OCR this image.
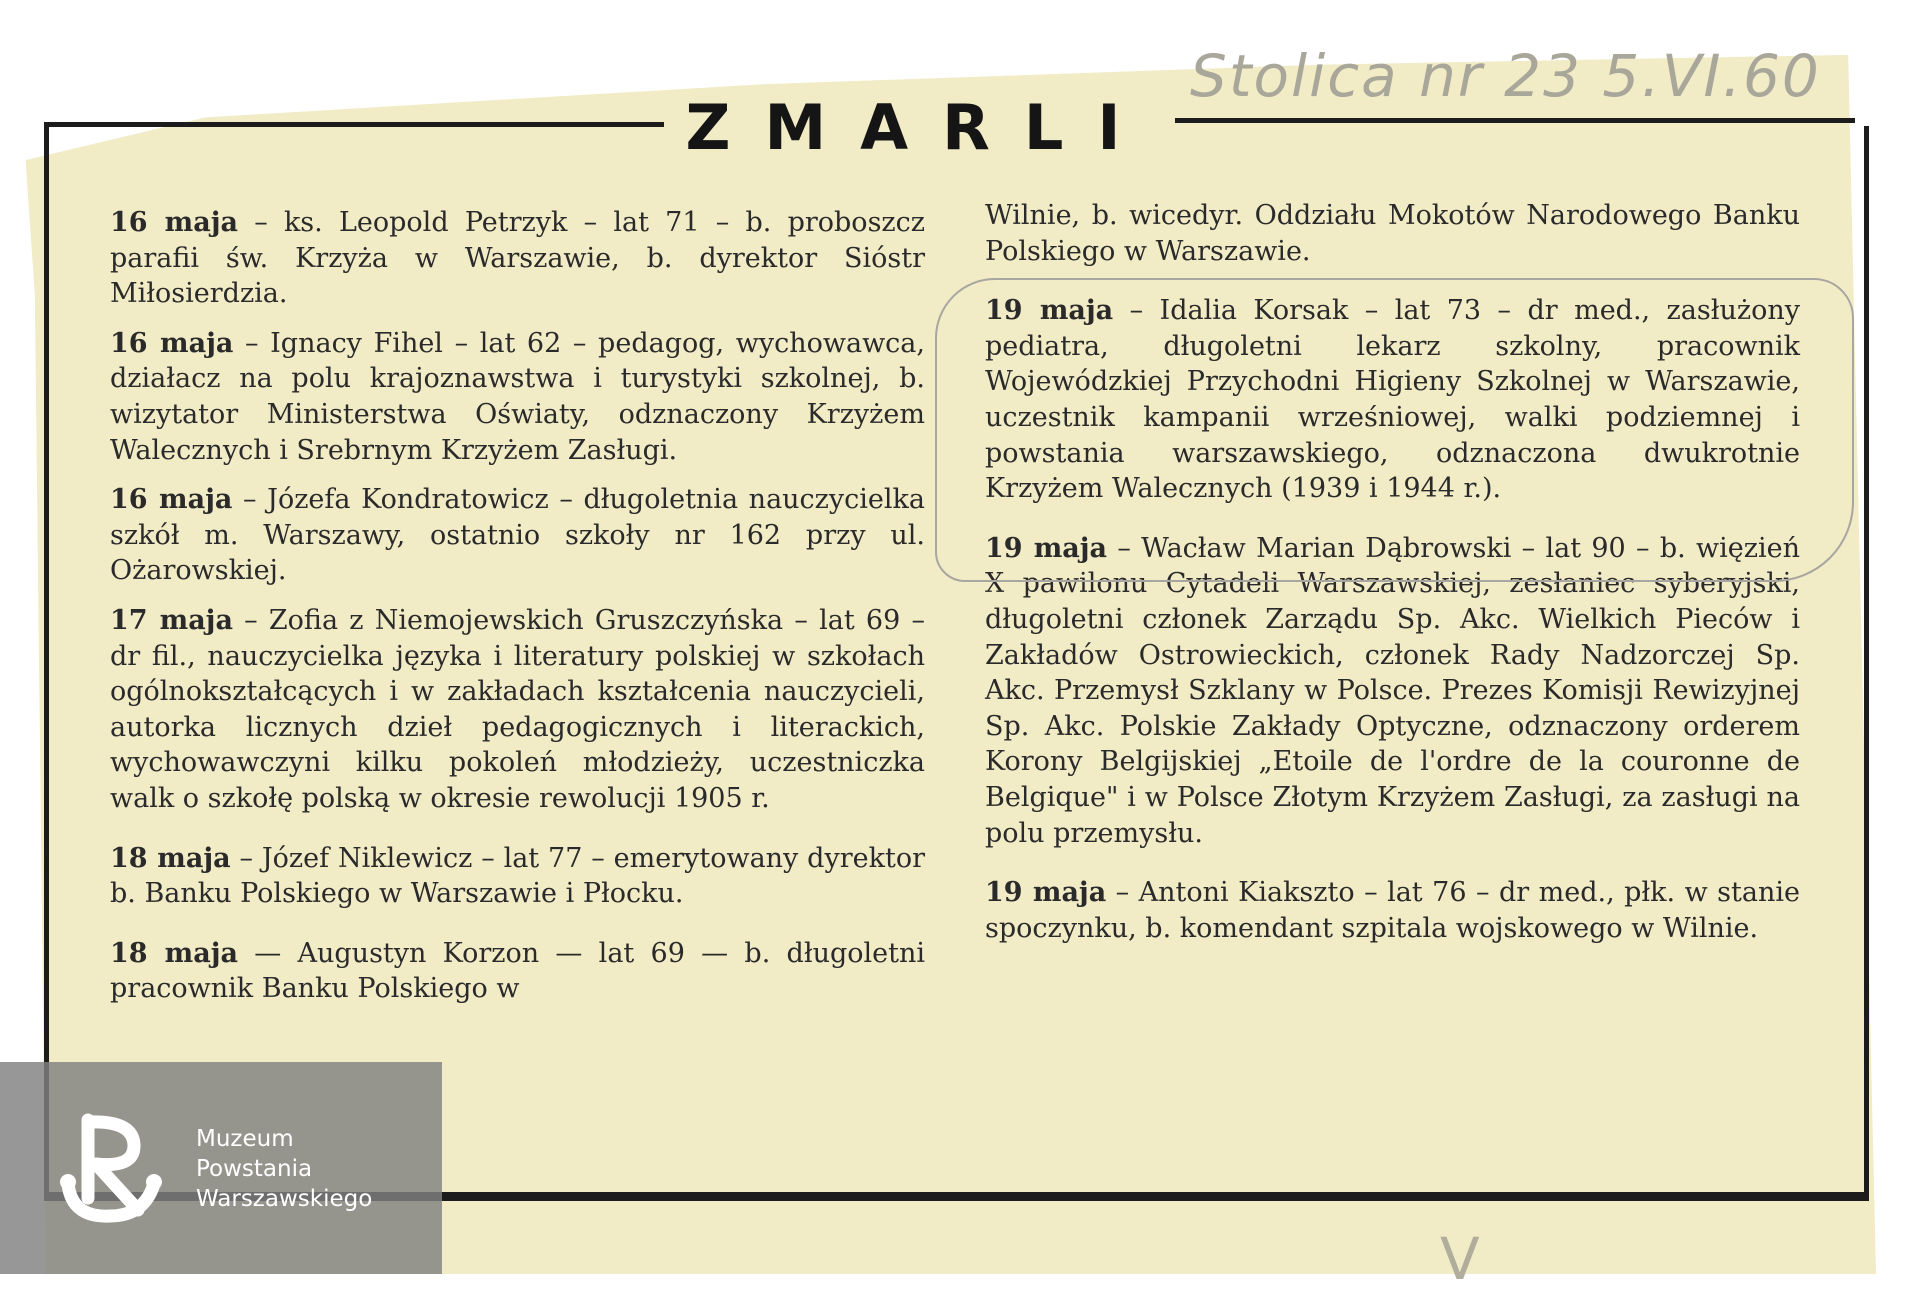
Stolica nr 23 5.VI.60
V
ZMARLI

16 maja – ks. Leopold Petrzyk – lat 71 – b. proboszcz parafii św. Krzyża w Warszawie, b. dyrektor Sióstr Miłosierdzia.

16 maja – Ignacy Fihel – lat 62 – pedagog, wychowawca, działacz na polu krajoznawstwa i turystyki szkolnej, b. wizytator Ministerstwa Oświaty, odznaczony Krzyżem Walecznych i Srebrnym Krzyżem Zasługi.

16 maja – Józefa Kondratowicz – długoletnia nauczycielka szkół m. Warszawy, ostatnio szkoły nr 162 przy ul. Ożarowskiej.

17 maja – Zofia z Niemojewskich Gruszczyńska – lat 69 – dr fil., nauczycielka języka i literatury polskiej w szkołach ogólnokształcących i w zakładach kształcenia nauczycieli, autorka licznych dzieł pedagogicznych i literackich, wychowawczyni kilku pokoleń młodzieży, uczestniczka walk o szkołę polską w okresie rewolucji 1905 r.

18 maja – Józef Niklewicz – lat 77 – emerytowany dyrektor b. Banku Polskiego w Warszawie i Płocku.

18 maja — Augustyn Korzon — lat 69 — b. długoletni pracownik Banku Polskiego w

Wilnie, b. wicedyr. Oddziału Mokotów Narodowego Banku Polskiego w Warszawie.

19 maja – Idalia Korsak – lat 73 – dr med., zasłużony pediatra, długoletni lekarz szkolny, pracownik Wojewódzkiej Przychodni Higieny Szkolnej w Warszawie, uczestnik kampanii wrześniowej, walki podziemnej i powstania warszawskiego, odznaczona dwukrotnie Krzyżem Walecznych (1939 i 1944 r.).

19 maja – Wacław Marian Dąbrowski – lat 90 – b. więzień X pawilonu Cytadeli Warszawskiej, zesłaniec syberyjski, długoletni członek Zarządu Sp. Akc. Wielkich Pieców i Zakładów Ostrowieckich, członek Rady Nadzorczej Sp. Akc. Przemysł Szklany w Polsce. Prezes Komisji Rewizyjnej Sp. Akc. Polskie Zakłady Optyczne, odznaczony orderem Korony Belgijskiej „Etoile de l'ordre de la couronne de Belgique" i w Polsce Złotym Krzyżem Zasługi, za zasługi na polu przemysłu.

19 maja – Antoni Kiakszto – lat 76 – dr med., płk. w stanie spoczynku, b. komendant szpitala wojskowego w Wilnie.

Muzeum
Powstania
Warszawskiego
